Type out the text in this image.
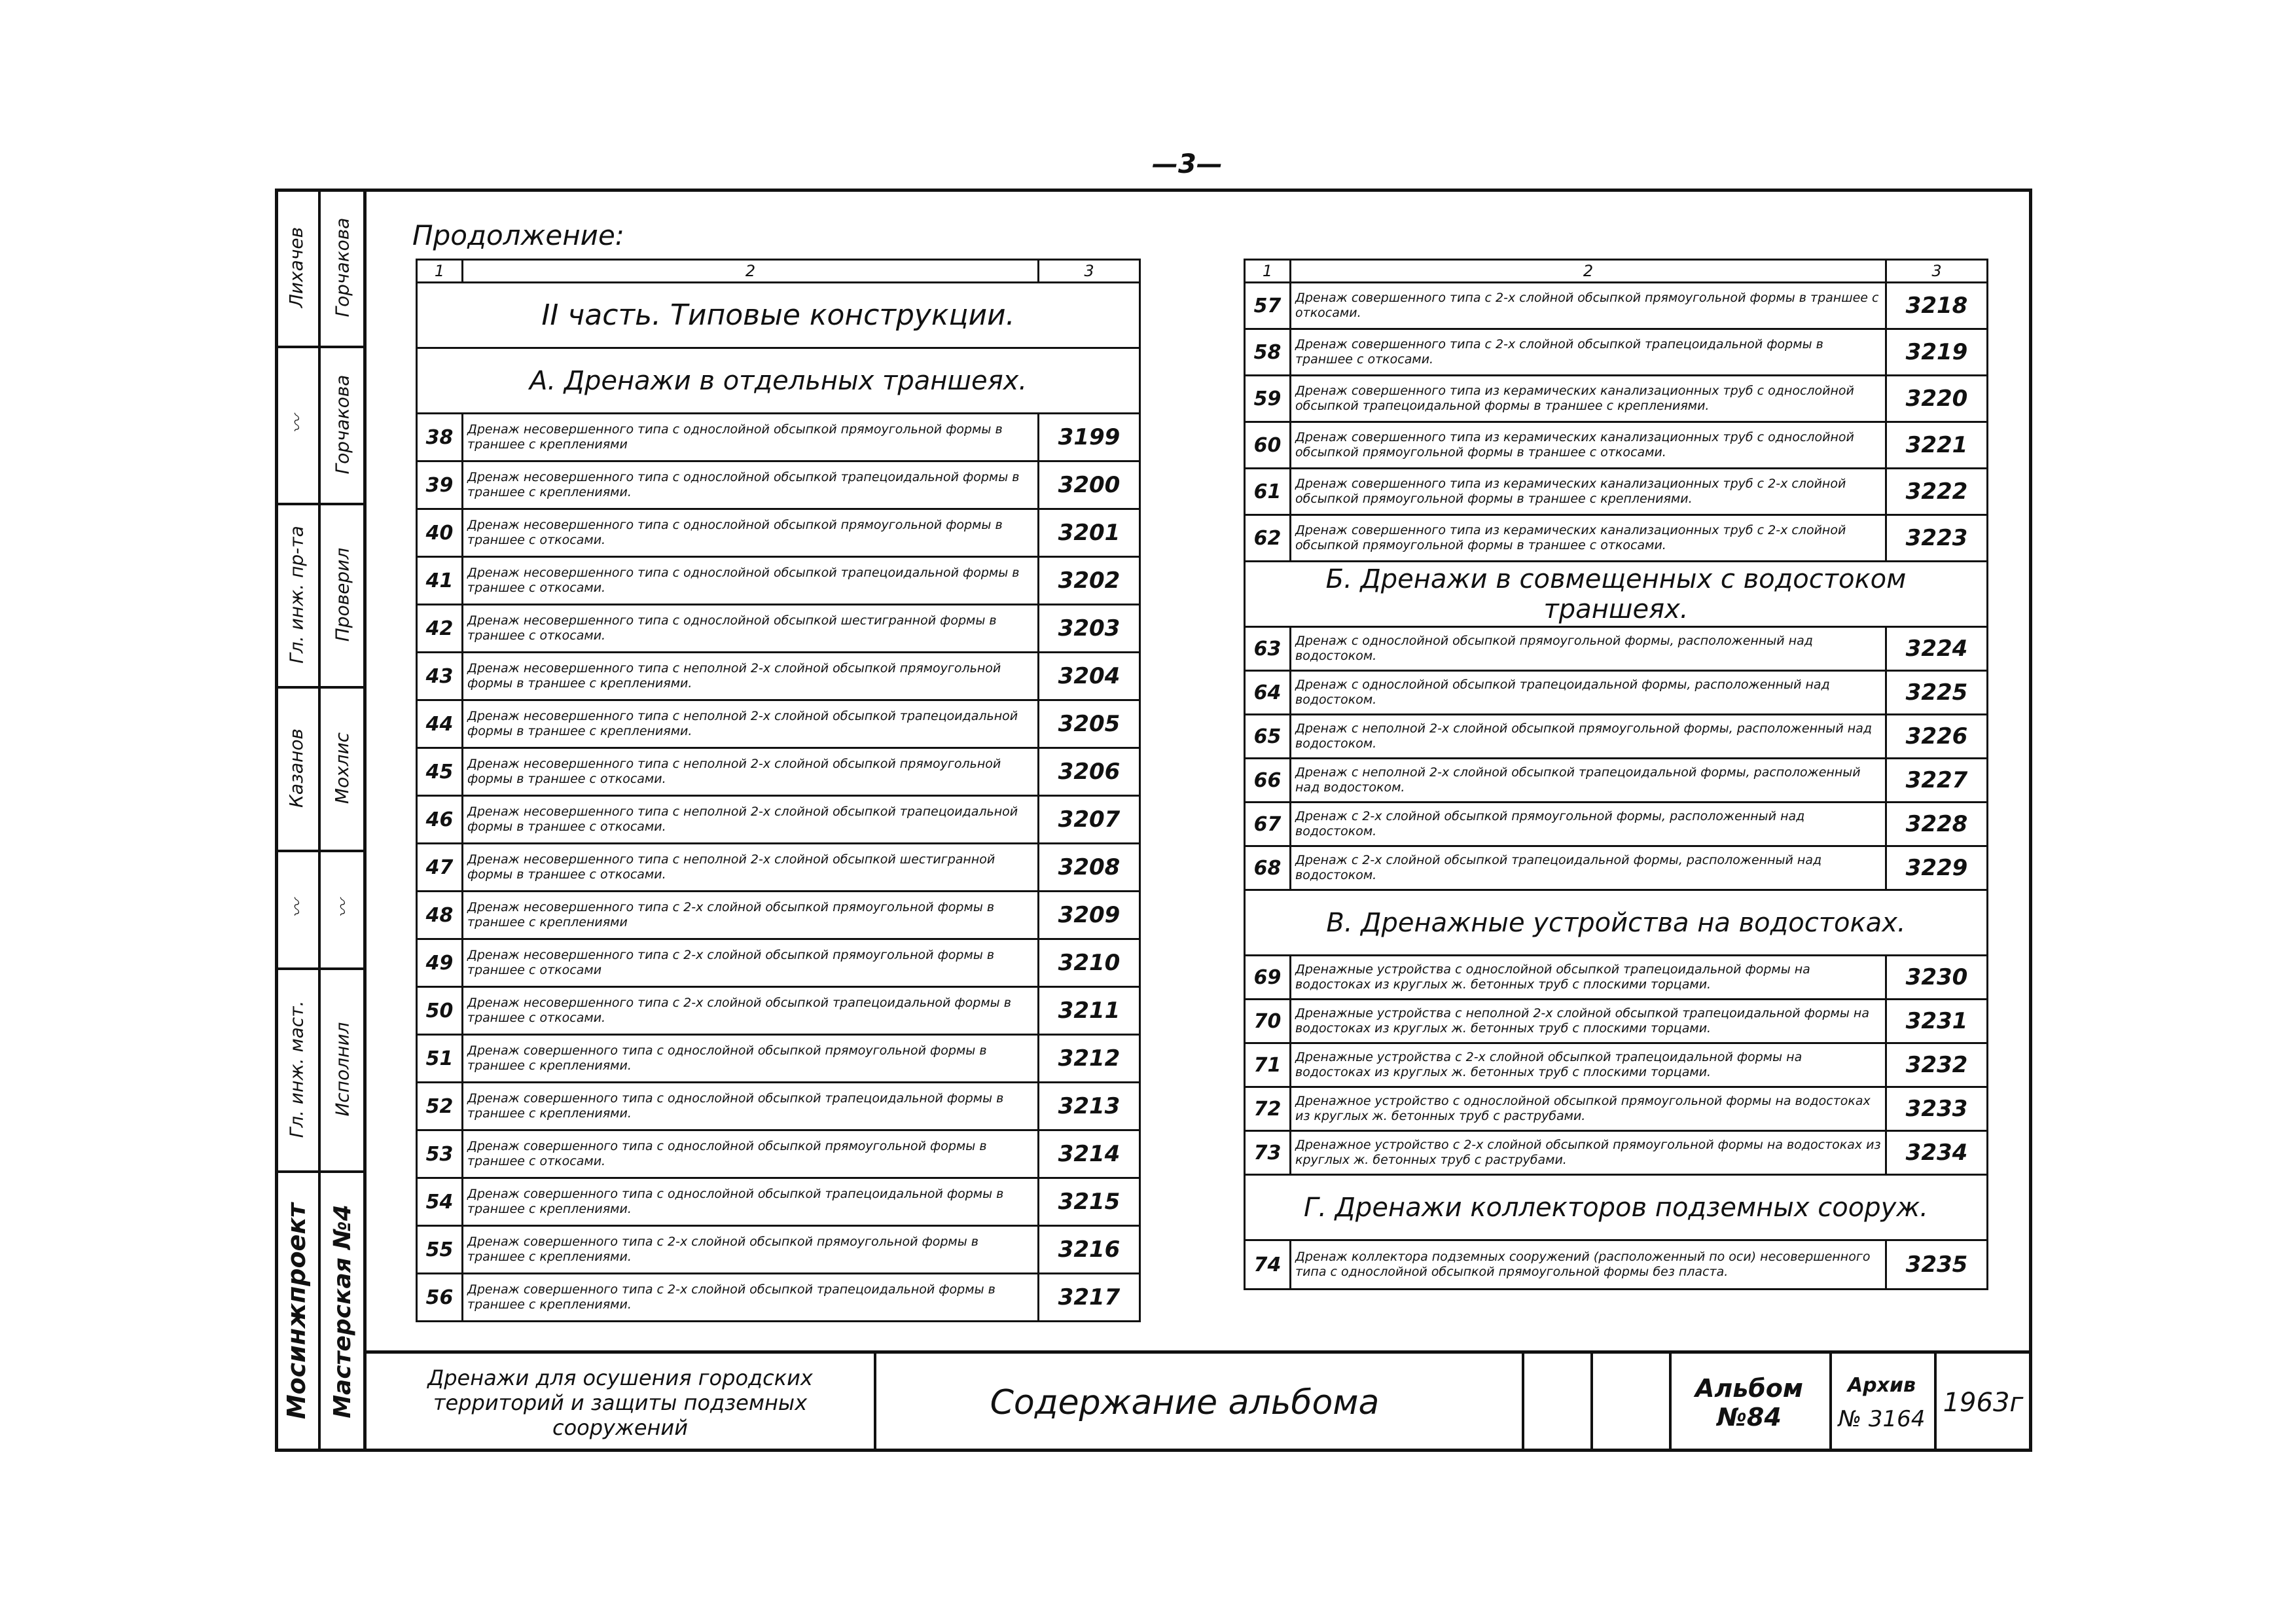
—3—
Мосинжпроект Мастерская №4
Гл. инж. маст. Исполнил
〰 〰
Казанов Мохлис
Гл. инж. пр-та Проверил
〰 Горчакова
Лихачев Горчакова Продолжение:
1	2	3
II часть. Типовые конструкции.		
А. Дренажи в отдельных траншеях.		
38	Дренаж несовершенного типа с однослойной обсыпкой прямоугольной формы в траншее с креплениями	3199
39	Дренаж несовершенного типа с однослойной обсыпкой трапецоидальной формы в траншее с креплениями.	3200
40	Дренаж несовершенного типа с однослойной обсыпкой прямоугольной формы в траншее с откосами.	3201
41	Дренаж несовершенного типа с однослойной обсыпкой трапецоидальной формы в траншее с откосами.	3202
42	Дренаж несовершенного типа с однослойной обсыпкой шестигранной формы в траншее с откосами.	3203
43	Дренаж несовершенного типа с неполной 2-х слойной обсыпкой прямоугольной формы в траншее с креплениями.	3204
44	Дренаж несовершенного типа с неполной 2-х слойной обсыпкой трапецоидальной формы в траншее с креплениями.	3205
45	Дренаж несовершенного типа с неполной 2-х слойной обсыпкой прямоугольной формы в траншее с откосами.	3206
46	Дренаж несовершенного типа с неполной 2-х слойной обсыпкой трапецоидальной формы в траншее с откосами.	3207
47	Дренаж несовершенного типа с неполной 2-х слойной обсыпкой шестигранной формы в траншее с откосами.	3208
48	Дренаж несовершенного типа с 2-х слойной обсыпкой прямоугольной формы в траншее с креплениями	3209
49	Дренаж несовершенного типа с 2-х слойной обсыпкой прямоугольной формы в траншее с откосами	3210
50	Дренаж несовершенного типа с 2-х слойной обсыпкой трапецоидальной формы в траншее с откосами.	3211
51	Дренаж совершенного типа с однослойной обсыпкой прямоугольной формы в траншее с креплениями.	3212
52	Дренаж совершенного типа с однослойной обсыпкой трапецоидальной формы в траншее с креплениями.	3213
53	Дренаж совершенного типа с однослойной обсыпкой прямоугольной формы в траншее с откосами.	3214
54	Дренаж совершенного типа с однослойной обсыпкой трапецоидальной формы в траншее с креплениями.	3215
55	Дренаж совершенного типа с 2-х слойной обсыпкой прямоугольной формы в траншее с креплениями.	3216
56	Дренаж совершенного типа с 2-х слойной обсыпкой трапецоидальной формы в траншее с креплениями.	3217
1	2	3
57	Дренаж совершенного типа с 2-х слойной обсыпкой прямоугольной формы в траншее с откосами.	3218
58	Дренаж совершенного типа с 2-х слойной обсыпкой трапецоидальной формы в траншее с откосами.	3219
59	Дренаж совершенного типа из керамических канализационных труб с однослойной обсыпкой трапецоидальной формы в траншее с креплениями.	3220
60	Дренаж совершенного типа из керамических канализационных труб с однослойной обсыпкой прямоугольной формы в траншее с откосами.	3221
61	Дренаж совершенного типа из керамических канализационных труб с 2-х слойной обсыпкой прямоугольной формы в траншее с креплениями.	3222
62	Дренаж совершенного типа из керамических канализационных труб с 2-х слойной обсыпкой прямоугольной формы в траншее с откосами.	3223
Б. Дренажи в совмещенных с водостоком траншеях.		
63	Дренаж с однослойной обсыпкой прямоугольной формы, расположенный над водостоком.	3224
64	Дренаж с однослойной обсыпкой трапецоидальной формы, расположенный над водостоком.	3225
65	Дренаж с неполной 2-х слойной обсыпкой прямоугольной формы, расположенный над водостоком.	3226
66	Дренаж с неполной 2-х слойной обсыпкой трапецоидальной формы, расположенный над водостоком.	3227
67	Дренаж с 2-х слойной обсыпкой прямоугольной формы, расположенный над водостоком.	3228
68	Дренаж с 2-х слойной обсыпкой трапецоидальной формы, расположенный над водостоком.	3229
В. Дренажные устройства на водостоках.		
69	Дренажные устройства с однослойной обсыпкой трапецоидальной формы на водостоках из круглых ж. бетонных труб с плоскими торцами.	3230
70	Дренажные устройства с неполной 2-х слойной обсыпкой трапецоидальной формы на водостоках из круглых ж. бетонных труб с плоскими торцами.	3231
71	Дренажные устройства с 2-х слойной обсыпкой трапецоидальной формы на водостоках из круглых ж. бетонных труб с плоскими торцами.	3232
72	Дренажное устройство с однослойной обсыпкой прямоугольной формы на водостоках из круглых ж. бетонных труб с раструбами.	3233
73	Дренажное устройство с 2-х слойной обсыпкой прямоугольной формы на водостоках из круглых ж. бетонных труб с раструбами.	3234
Г. Дренажи коллекторов подземных сооруж.		
74	Дренаж коллектора подземных сооружений (расположенный по оси) несовершенного типа с однослойной обсыпкой прямоугольной формы без пласта.	3235
Дренажи для осушения городских территорий и защиты подземных сооружений
Содержание альбома	Альбом №84
Архив
№ 3164
1963г
